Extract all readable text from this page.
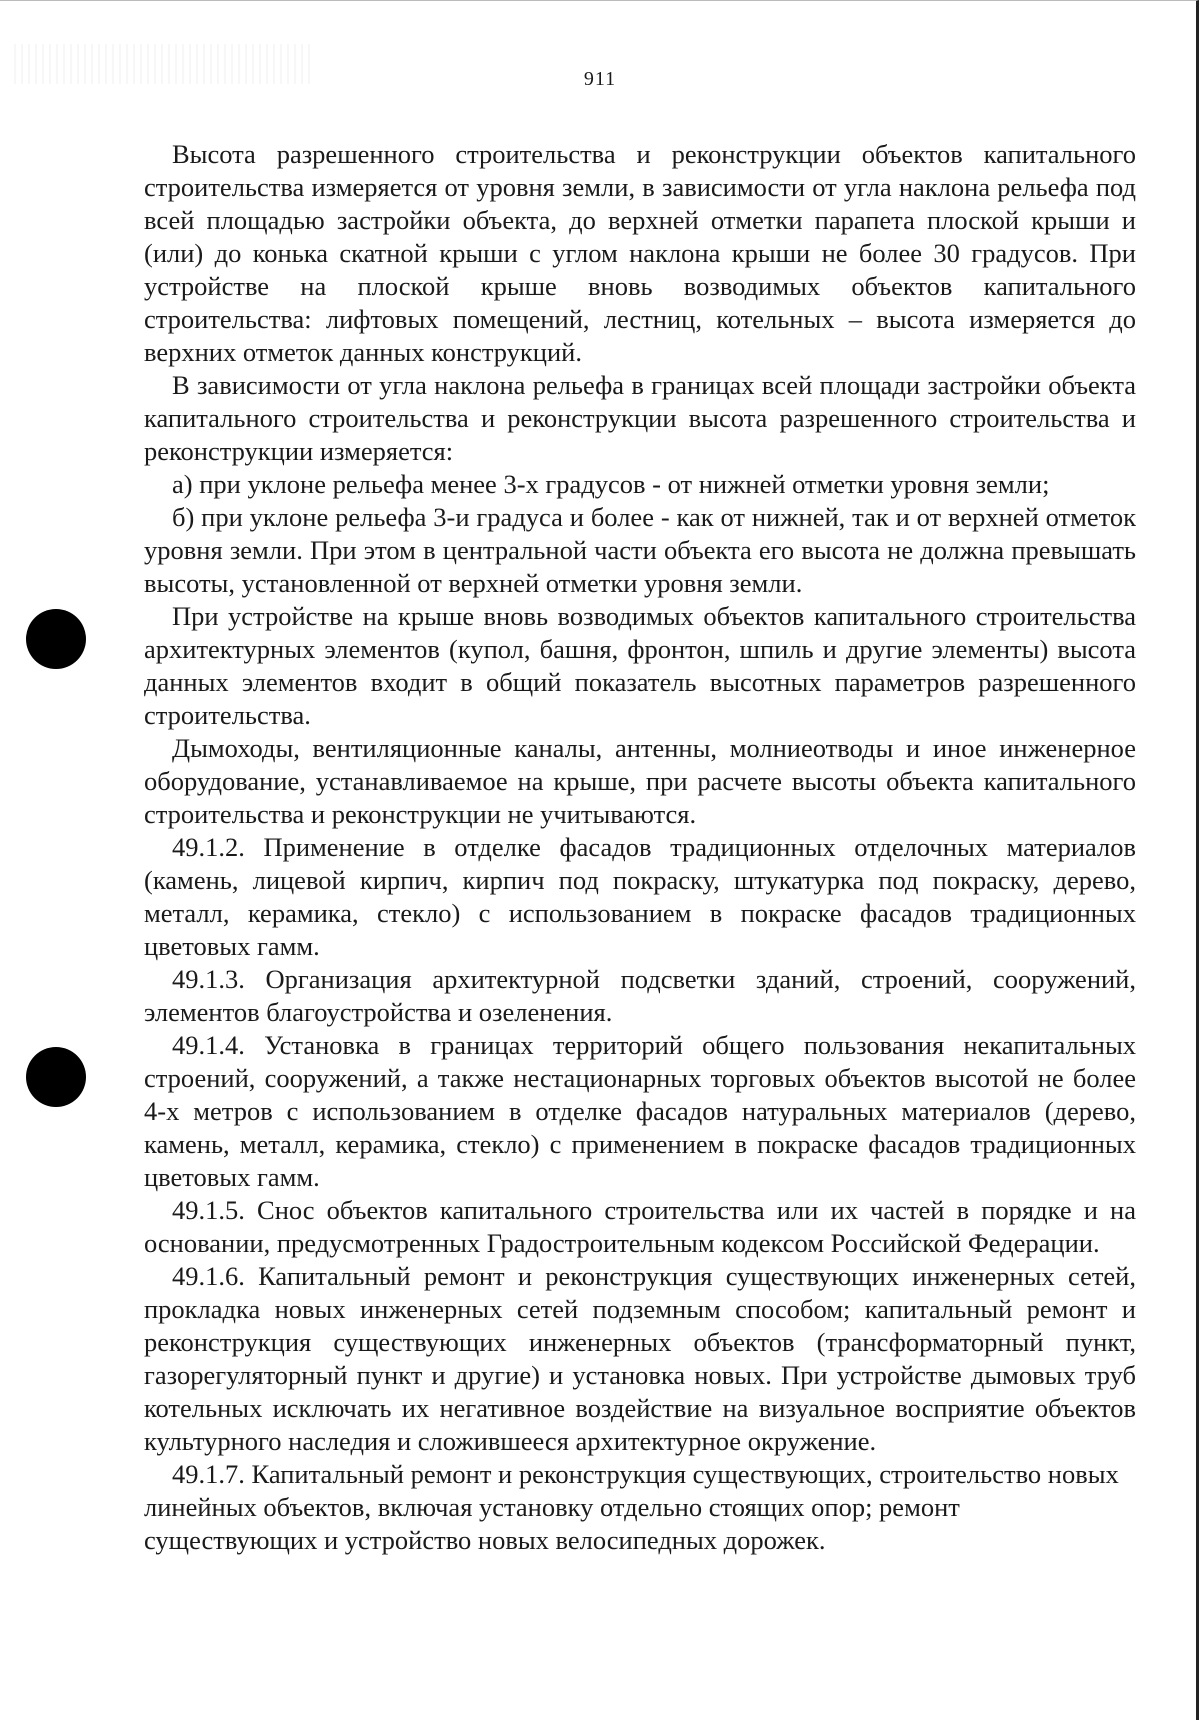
911

Высота разрешенного строительства и реконструкции объектов капитального строительства измеряется от уровня земли, в зависимости от угла наклона рельефа под всей площадью застройки объекта, до верхней отметки парапета плоской крыши и (или) до конька скатной крыши с углом наклона крыши не более 30 градусов. При устройстве на плоской крыше вновь возводимых объектов капитального строительства: лифтовых помещений, лестниц, котельных – высота измеряется до верхних отметок данных конструкций.

В зависимости от угла наклона рельефа в границах всей площади застройки объекта капитального строительства и реконструкции высота разрешенного строительства и реконструкции измеряется:

а) при уклоне рельефа менее 3-х градусов - от нижней отметки уровня земли;

б) при уклоне рельефа 3-и градуса и более - как от нижней, так и от верхней отметок уровня земли. При этом в центральной части объекта его высота не должна превышать высоты, установленной от верхней отметки уровня земли.

При устройстве на крыше вновь возводимых объектов капитального строительства архитектурных элементов (купол, башня, фронтон, шпиль и другие элементы) высота данных элементов входит в общий показатель высотных параметров разрешенного строительства.

Дымоходы, вентиляционные каналы, антенны, молниеотводы и иное инженерное оборудование, устанавливаемое на крыше, при расчете высоты объекта капитального строительства и реконструкции не учитываются.

49.1.2. Применение в отделке фасадов традиционных отделочных материалов (камень, лицевой кирпич, кирпич под покраску, штукатурка под покраску, дерево, металл, керамика, стекло) с использованием в покраске фасадов традиционных цветовых гамм.

49.1.3. Организация архитектурной подсветки зданий, строений, сооружений, элементов благоустройства и озеленения.

49.1.4. Установка в границах территорий общего пользования некапитальных строений, сооружений, а также нестационарных торговых объектов высотой не более 4-х метров с использованием в отделке фасадов натуральных материалов (дерево, камень, металл, керамика, стекло) с применением в покраске фасадов традиционных цветовых гамм.

49.1.5. Снос объектов капитального строительства или их частей в порядке и на основании, предусмотренных Градостроительным кодексом Российской Федерации.

49.1.6. Капитальный ремонт и реконструкция существующих инженерных сетей, прокладка новых инженерных сетей подземным способом; капитальный ремонт и реконструкция существующих инженерных объектов (трансформаторный пункт, газорегуляторный пункт и другие) и установка новых. При устройстве дымовых труб котельных исключать их негативное воздействие на визуальное восприятие объектов культурного наследия и сложившееся архитектурное окружение.

49.1.7. Капитальный ремонт и реконструкция существующих, строительство новых линейных объектов, включая установку отдельно стоящих опор; ремонт существующих и устройство новых велосипедных дорожек.
